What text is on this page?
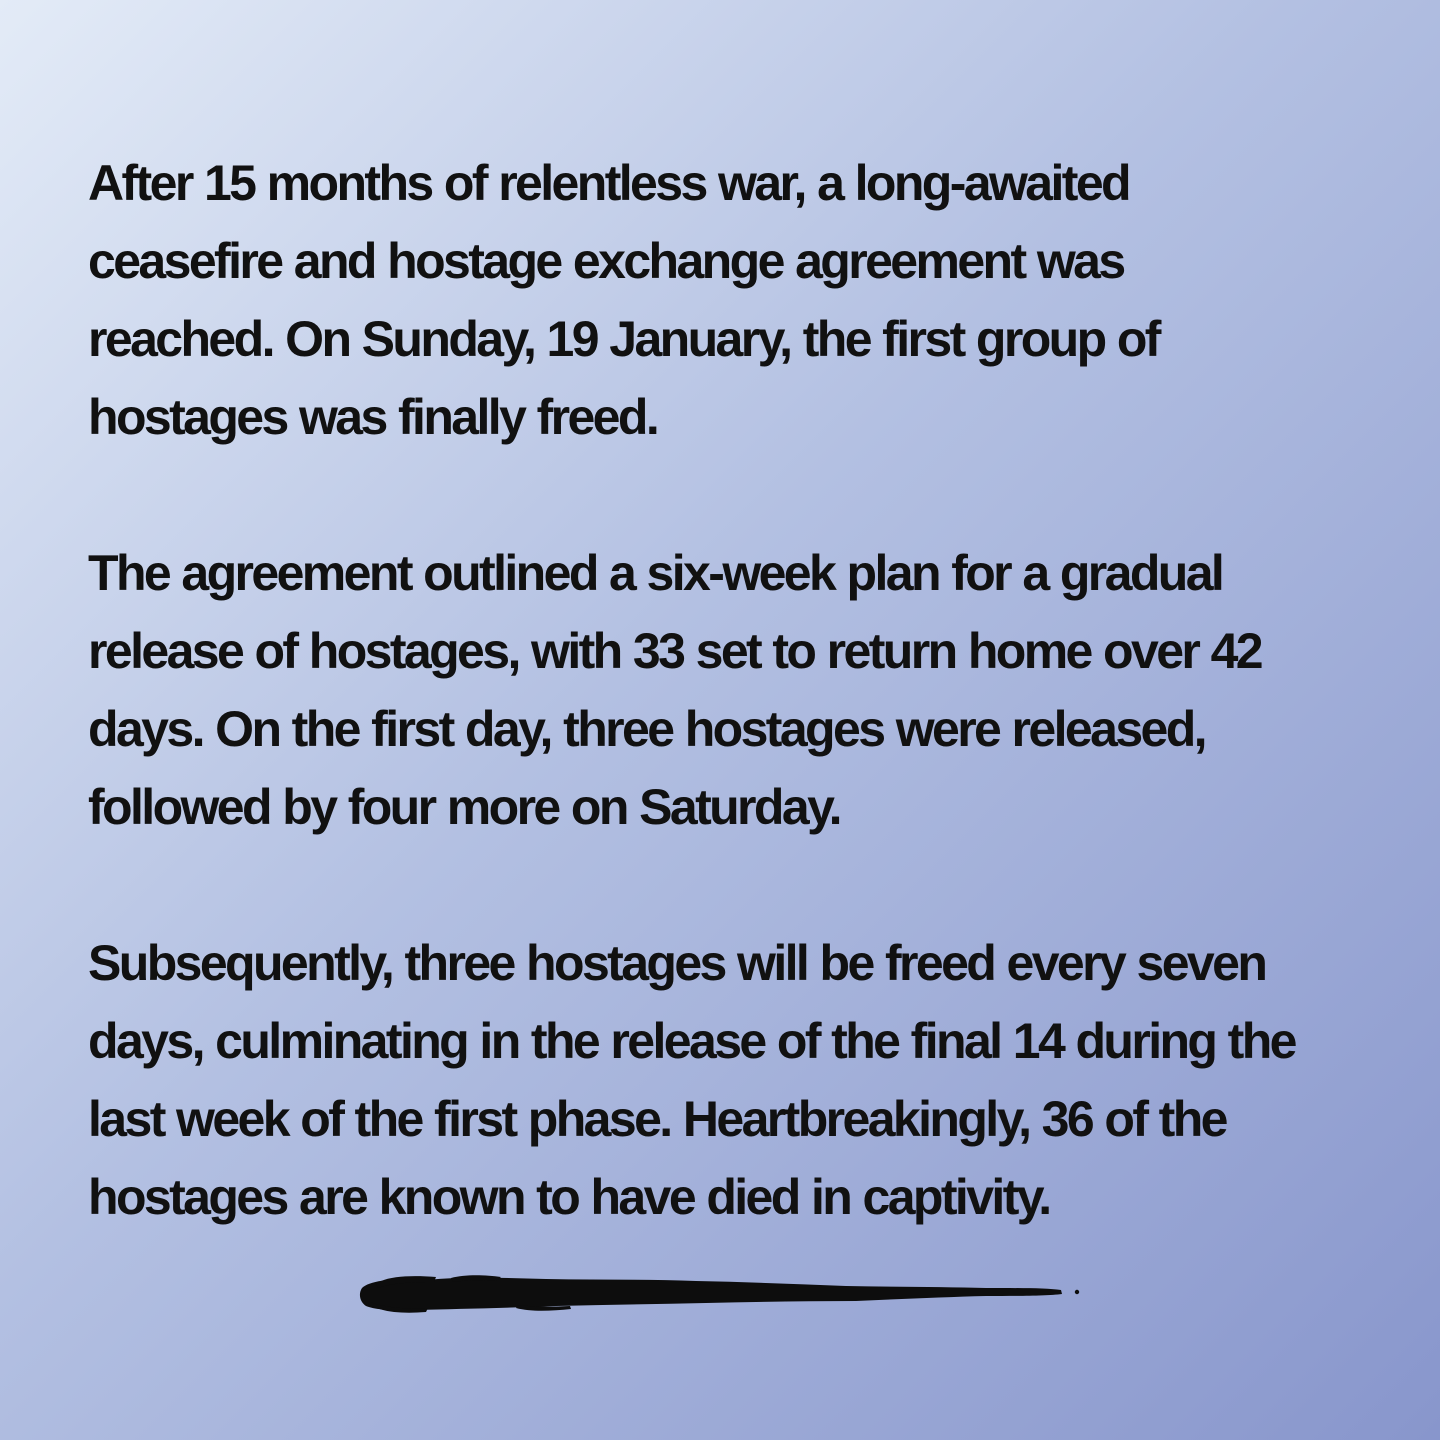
After 15 months of relentless war, a long-awaited
ceasefire and hostage exchange agreement was
reached. On Sunday, 19 January, the first group of
hostages was finally freed.

The agreement outlined a six-week plan for a gradual
release of hostages, with 33 set to return home over 42
days. On the first day, three hostages were released,
followed by four more on Saturday.

Subsequently, three hostages will be freed every seven
days, culminating in the release of the final 14 during the
last week of the first phase. Heartbreakingly, 36 of the
hostages are known to have died in captivity.
